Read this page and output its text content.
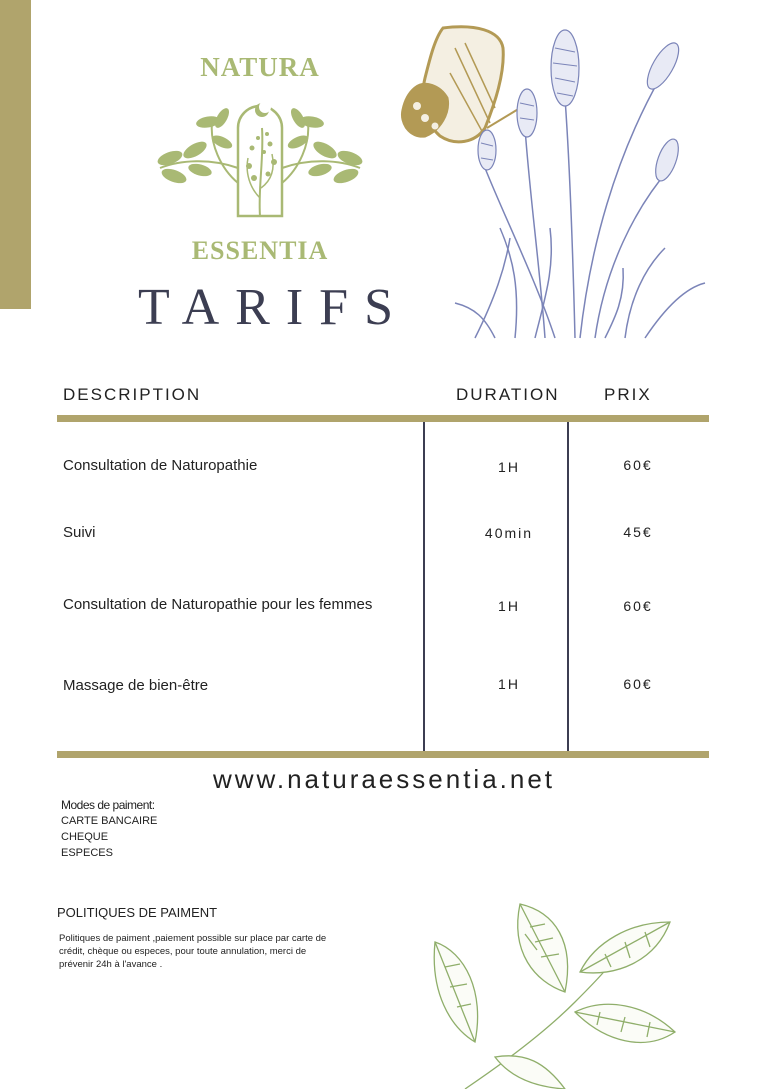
NATURA
ESSENTIA
TARIFS
DESCRIPTION	DURATION	PRIX
Consultation de Naturopathie	1H	60€
Suivi	40min	45€
Consultation de Naturopathie pour les femmes	1H	60€
Massage de bien-être	1H	60€
www.naturaessentia.net
Modes de paiment:
CARTE BANCAIRE
CHEQUE
ESPECES
POLITIQUES DE PAIMENT
Politiques de paiment ,paiement possible sur place par carte de crédit, chèque ou especes, pour toute annulation, merci de prévenir 24h à l'avance .
